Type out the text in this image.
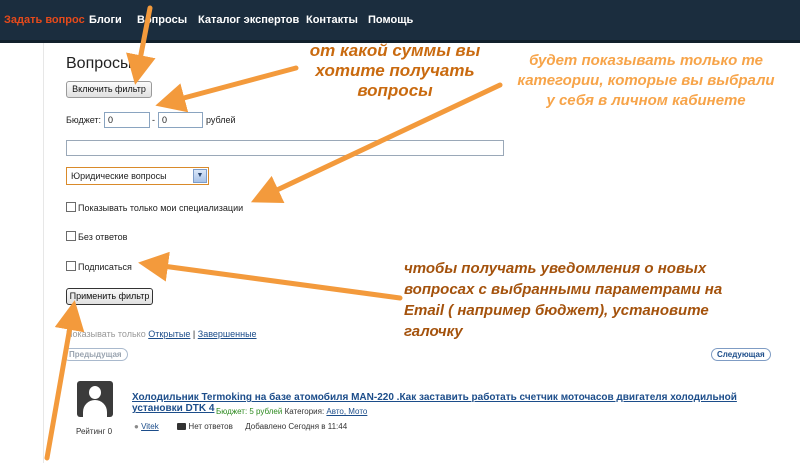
Задать вопрос Блоги Вопросы Каталог экспертов Контакты Помощь
Вопросы
Включить фильтр
Бюджет: 0	- 0	рублей
Юридические вопросы	▼
Показывать только мои специализации
Без ответов
Подписаться
Применить фильтр
Показывать только Открытые | Завершенные
Предыдущая	Следующая
Рейтинг 0
Холодильник Termoking на базе атомобиля MAN-220 .Как заставить работать счетчик моточасов двигателя холодильной установки DTK 4 Бюджет: 5 рублей Категория: Авто, Мото
● Vitek	Нет ответов Добавлено Сегодня в 11:44
от какой суммы вы хотите получать вопросы
будет показывать только те категории, которые вы выбрали у себя в личном кабинете
чтобы получать уведомления о новых вопросах с выбранными параметрами на Email ( например бюджет), установите галочку
